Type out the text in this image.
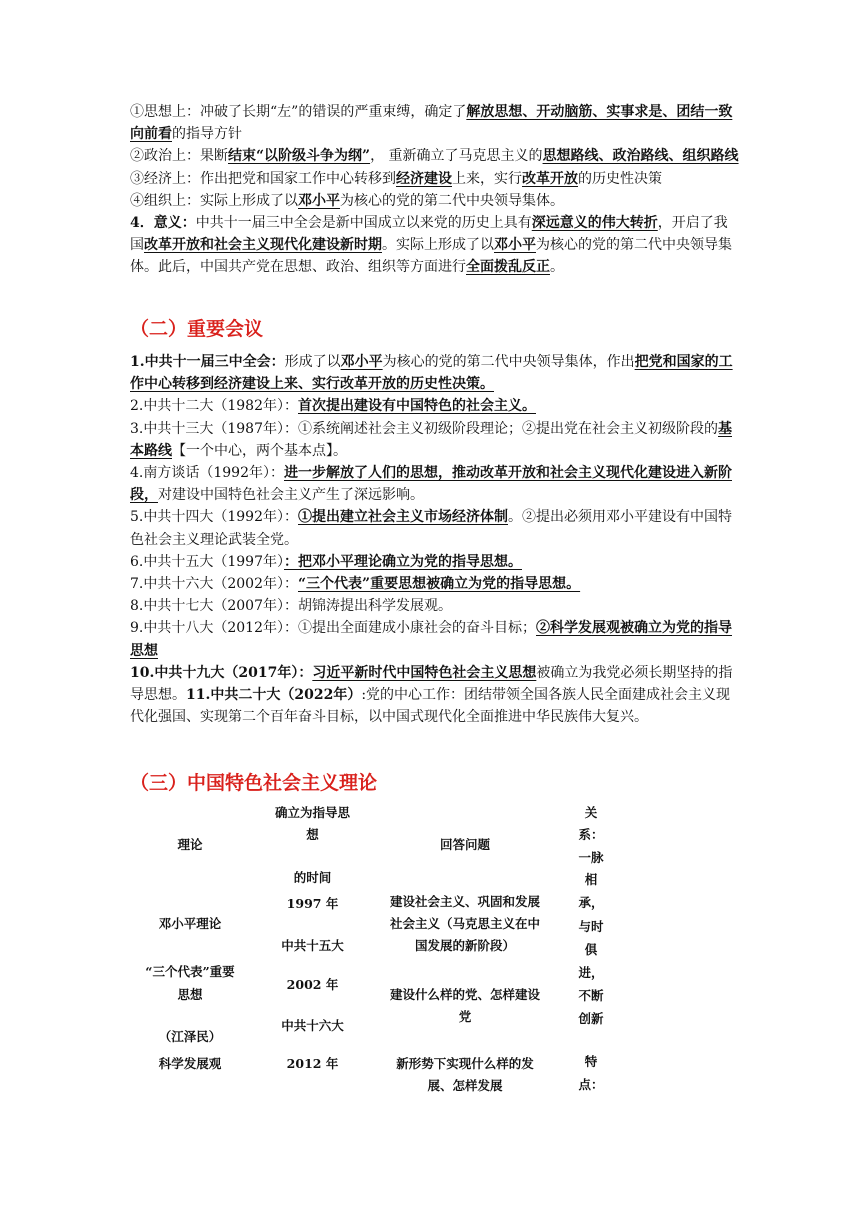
①思想上：冲破了长期“左”的错误的严重束缚，确定了解放思想、开动脑筋、实事求是、团结一致向前看的指导方针

②政治上：果断结束“以阶级斗争为纲”， 重新确立了马克思主义的思想路线、政治路线、组织路线

③经济上：作出把党和国家工作中心转移到经济建设上来，实行改革开放的历史性决策

④组织上：实际上形成了以邓小平为核心的党的第二代中央领导集体。

4．意义：中共十一届三中全会是新中国成立以来党的历史上具有深远意义的伟大转折，开启了我国改革开放和社会主义现代化建设新时期。实际上形成了以邓小平为核心的党的第二代中央领导集体。此后，中国共产党在思想、政治、组织等方面进行全面拨乱反正。

（二）重要会议

1.中共十一届三中全会：形成了以邓小平为核心的党的第二代中央领导集体，作出把党和国家的工作中心转移到经济建设上来、实行改革开放的历史性决策。

2.中共十二大（1982年）：首次提出建设有中国特色的社会主义。

3.中共十三大（1987年）：①系统阐述社会主义初级阶段理论；②提出党在社会主义初级阶段的基本路线【一个中心，两个基本点】。

4.南方谈话（1992年）：进一步解放了人们的思想，推动改革开放和社会主义现代化建设进入新阶段，对建设中国特色社会主义产生了深远影响。

5.中共十四大（1992年）：①提出建立社会主义市场经济体制。②提出必须用邓小平建设有中国特色社会主义理论武装全党。

6.中共十五大（1997年）：把邓小平理论确立为党的指导思想。

7.中共十六大（2002年）：“三个代表”重要思想被确立为党的指导思想。

8.中共十七大（2007年）：胡锦涛提出科学发展观。

9.中共十八大（2012年）：①提出全面建成小康社会的奋斗目标；②科学发展观被确立为党的指导思想

10.中共十九大（2017年）：习近平新时代中国特色社会主义思想被确立为我党必须长期坚持的指导思想。11.中共二十大（2022年）:党的中心工作：团结带领全国各族人民全面建成社会主义现代化强国、实现第二个百年奋斗目标，以中国式现代化全面推进中华民族伟大复兴。

（三）中国特色社会主义理论
理论
邓小平理论
“三个代表”重要
思想
（江泽民）
科学发展观
确立为指导思
想
的时间
1997 年
中共十五大
2002 年
中共十六大
2012 年
回答问题
建设社会主义、巩固和发展
社会主义（马克思主义在中
国发展的新阶段）
建设什么样的党、怎样建设
党
新形势下实现什么样的发
展、怎样发展
关
系：
一脉
相
承，
与时
俱
进，
不断
创新
特
点：
